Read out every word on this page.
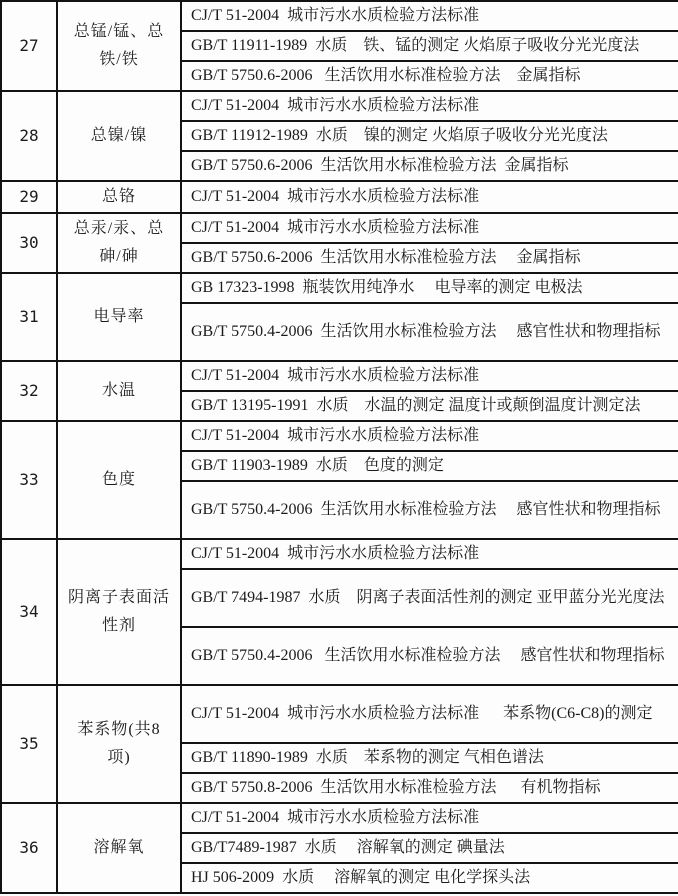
27	总锰/锰、总铁/铁	CJ/T 51-2004  城市污水水质检验方法标准
		GB/T 11911-1989  水质    铁、锰的测定 火焰原子吸收分光光度法
		GB/T 5750.6-2006   生活饮用水标准检验方法    金属指标
28	总镍/镍	CJ/T 51-2004  城市污水水质检验方法标准
		GB/T 11912-1989  水质    镍的测定 火焰原子吸收分光光度法
		GB/T 5750.6-2006  生活饮用水标准检验方法  金属指标
29	总铬	CJ/T 51-2004  城市污水水质检验方法标准
30	总汞/汞、总砷/砷	CJ/T 51-2004  城市污水水质检验方法标准
		GB/T 5750.6-2006  生活饮用水标准检验方法     金属指标
31	电导率	GB 17323-1998  瓶装饮用纯净水     电导率的测定 电极法
		GB/T 5750.4-2006  生活饮用水标准检验方法     感官性状和物理指标
32	水温	CJ/T 51-2004  城市污水水质检验方法标准
		GB/T 13195-1991  水质    水温的测定 温度计或颠倒温度计测定法
33	色度	CJ/T 51-2004  城市污水水质检验方法标准
		GB/T 11903-1989  水质    色度的测定
		GB/T 5750.4-2006  生活饮用水标准检验方法     感官性状和物理指标
34	阴离子表面活性剂	CJ/T 51-2004  城市污水水质检验方法标准
		GB/T 7494-1987  水质    阴离子表面活性剂的测定 亚甲蓝分光光度法
		GB/T 5750.4-2006   生活饮用水标准检验方法     感官性状和物理指标
35	苯系物(共8项)	CJ/T 51-2004  城市污水水质检验方法标准      苯系物(C6-C8)的测定
		GB/T 11890-1989  水质    苯系物的测定 气相色谱法
		GB/T 5750.8-2006  生活饮用水标准检验方法      有机物指标
36	溶解氧	CJ/T 51-2004  城市污水水质检验方法标准
		GB/T7489-1987  水质     溶解氧的测定 碘量法
		HJ 506-2009  水质     溶解氧的测定 电化学探头法
